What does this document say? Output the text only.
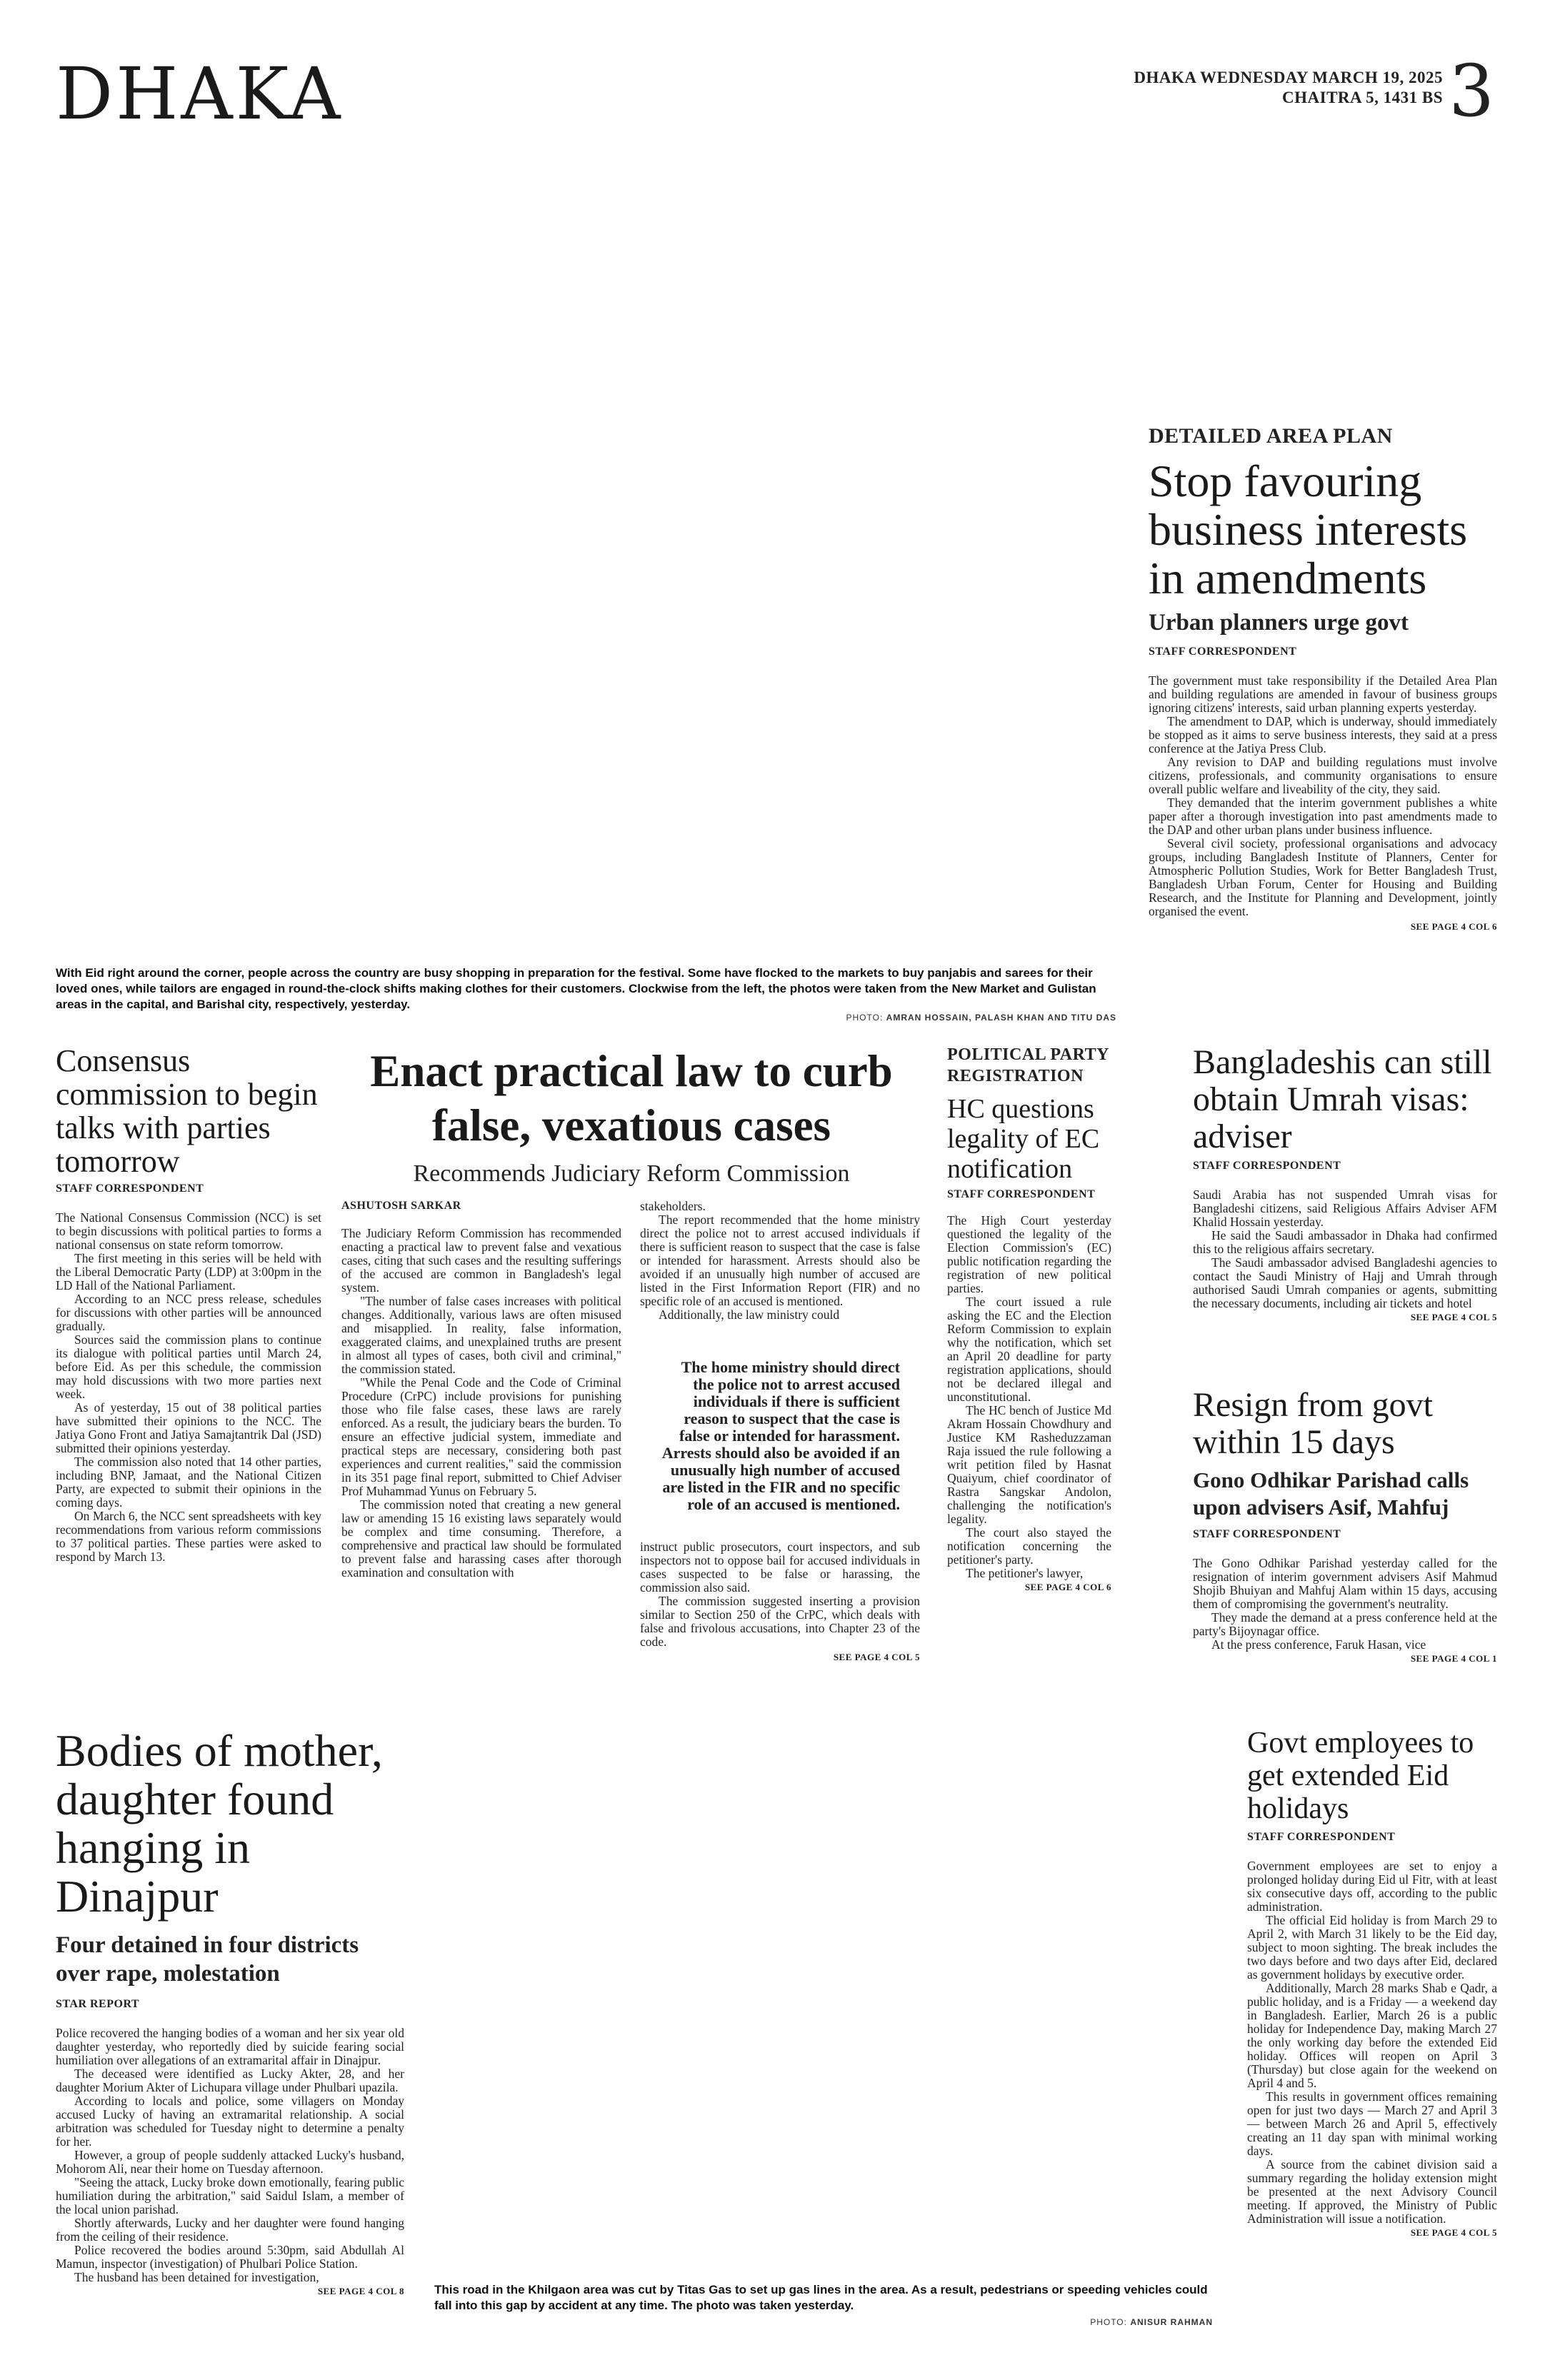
DHAKA	DHAKA WEDNESDAY MARCH 19, 2025
CHAITRA 5, 1431 BS 3
With Eid right around the corner, people across the country are busy shopping in preparation for the festival. Some have flocked to the markets to buy panjabis and sarees for their loved ones, while tailors are engaged in round-the-clock shifts making clothes for their customers. Clockwise from the left, the photos were taken from the New Market and Gulistan areas in the capital, and Barishal city, respectively, yesterday.
PHOTO: AMRAN HOSSAIN, PALASH KHAN AND TITU DAS
DETAILED AREA PLAN
Stop favouring business interests in amendments
Urban planners urge govt
STAFF CORRESPONDENT

The government must take responsibility if the Detailed Area Plan and building regulations are amended in favour of business groups ignoring citizens' interests, said urban planning experts yesterday.

The amendment to DAP, which is underway, should immediately be stopped as it aims to serve business interests, they said at a press conference at the Jatiya Press Club.

Any revision to DAP and building regulations must involve citizens, professionals, and community organisations to ensure overall public welfare and liveability of the city, they said.

They demanded that the interim government publishes a white paper after a thorough investigation into past amendments made to the DAP and other urban plans under business influence.

Several civil society, professional organisations and advocacy groups, including Bangladesh Institute of Planners, Center for Atmospheric Pollution Studies, Work for Better Bangladesh Trust, Bangladesh Urban Forum, Center for Housing and Building Research, and the Institute for Planning and Development, jointly organised the event.

SEE PAGE 4 COL 6
Consensus commission to begin talks with parties tomorrow
STAFF CORRESPONDENT

The National Consensus Commission (NCC) is set to begin discussions with political parties to forms a national consensus on state reform tomorrow.

The first meeting in this series will be held with the Liberal Democratic Party (LDP) at 3:00pm in the LD Hall of the National Parliament.

According to an NCC press release, schedules for discussions with other parties will be announced gradually.

Sources said the commission plans to continue its dialogue with political parties until March 24, before Eid. As per this schedule, the commission may hold discussions with two more parties next week.

As of yesterday, 15 out of 38 political parties have submitted their opinions to the NCC. The Jatiya Gono Front and Jatiya Samajtantrik Dal (JSD) submitted their opinions yesterday.

The commission also noted that 14 other parties, including BNP, Jamaat, and the National Citizen Party, are expected to submit their opinions in the coming days.

On March 6, the NCC sent spreadsheets with key recommendations from various reform commissions to 37 political parties. These parties were asked to respond by March 13.

Enact practical law to curb false, vexatious cases
Recommends Judiciary Reform Commission
ASHUTOSH SARKAR

The Judiciary Reform Commission has recommended enacting a practical law to prevent false and vexatious cases, citing that such cases and the resulting sufferings of the accused are common in Bangladesh's legal system.

"The number of false cases increases with political changes. Additionally, various laws are often misused and misapplied. In reality, false information, exaggerated claims, and unexplained truths are present in almost all types of cases, both civil and criminal," the commission stated.

"While the Penal Code and the Code of Criminal Procedure (CrPC) include provisions for punishing those who file false cases, these laws are rarely enforced. As a result, the judiciary bears the burden. To ensure an effective judicial system, immediate and practical steps are necessary, considering both past experiences and current realities," said the commission in its 351 page final report, submitted to Chief Adviser Prof Muhammad Yunus on February 5.

The commission noted that creating a new general law or amending 15 16 existing laws separately would be complex and time consuming. Therefore, a comprehensive and practical law should be formulated to prevent false and harassing cases after thorough examination and consultation with

stakeholders.

The report recommended that the home ministry direct the police not to arrest accused individuals if there is sufficient reason to suspect that the case is false or intended for harassment. Arrests should also be avoided if an unusually high number of accused are listed in the First Information Report (FIR) and no specific role of an accused is mentioned.

Additionally, the law ministry could

The home ministry should direct the police not to arrest accused individuals if there is sufficient reason to suspect that the case is false or intended for harassment. Arrests should also be avoided if an unusually high number of accused are listed in the FIR and no specific role of an accused is mentioned.

instruct public prosecutors, court inspectors, and sub inspectors not to oppose bail for accused individuals in cases suspected to be false or harassing, the commission also said.

The commission suggested inserting a provision similar to Section 250 of the CrPC, which deals with false and frivolous accusations, into Chapter 23 of the code.

SEE PAGE 4 COL 5
POLITICAL PARTY REGISTRATION
HC questions legality of EC notification
STAFF CORRESPONDENT

The High Court yesterday questioned the legality of the Election Commission's (EC) public notification regarding the registration of new political parties.

The court issued a rule asking the EC and the Election Reform Commission to explain why the notification, which set an April 20 deadline for party registration applications, should not be declared illegal and unconstitutional.

The HC bench of Justice Md Akram Hossain Chowdhury and Justice KM Rasheduzzaman Raja issued the rule following a writ petition filed by Hasnat Quaiyum, chief coordinator of Rastra Sangskar Andolon, challenging the notification's legality.

The court also stayed the notification concerning the petitioner's party.

The petitioner's lawyer,

SEE PAGE 4 COL 6
Bangladeshis can still obtain Umrah visas: adviser
STAFF CORRESPONDENT

Saudi Arabia has not suspended Umrah visas for Bangladeshi citizens, said Religious Affairs Adviser AFM Khalid Hossain yesterday.

He said the Saudi ambassador in Dhaka had confirmed this to the religious affairs secretary.

The Saudi ambassador advised Bangladeshi agencies to contact the Saudi Ministry of Hajj and Umrah through authorised Saudi Umrah companies or agents, submitting the necessary documents, including air tickets and hotel

SEE PAGE 4 COL 5
Resign from govt within 15 days
Gono Odhikar Parishad calls upon advisers Asif, Mahfuj
STAFF CORRESPONDENT

The Gono Odhikar Parishad yesterday called for the resignation of interim government advisers Asif Mahmud Shojib Bhuiyan and Mahfuj Alam within 15 days, accusing them of compromising the government's neutrality.

They made the demand at a press conference held at the party's Bijoynagar office.

At the press conference, Faruk Hasan, vice

SEE PAGE 4 COL 1
Bodies of mother, daughter found hanging in Dinajpur
Four detained in four districts over rape, molestation
STAR REPORT

Police recovered the hanging bodies of a woman and her six year old daughter yesterday, who reportedly died by suicide fearing social humiliation over allegations of an extramarital affair in Dinajpur.

The deceased were identified as Lucky Akter, 28, and her daughter Morium Akter of Lichupara village under Phulbari upazila.

According to locals and police, some villagers on Monday accused Lucky of having an extramarital relationship. A social arbitration was scheduled for Tuesday night to determine a penalty for her.

However, a group of people suddenly attacked Lucky's husband, Mohorom Ali, near their home on Tuesday afternoon.

"Seeing the attack, Lucky broke down emotionally, fearing public humiliation during the arbitration," said Saidul Islam, a member of the local union parishad.

Shortly afterwards, Lucky and her daughter were found hanging from the ceiling of their residence.

Police recovered the bodies around 5:30pm, said Abdullah Al Mamun, inspector (investigation) of Phulbari Police Station.

The husband has been detained for investigation,

SEE PAGE 4 COL 8 This road in the Khilgaon area was cut by Titas Gas to set up gas lines in the area. As a result, pedestrians or speeding vehicles could fall into this gap by accident at any time. The photo was taken yesterday.
PHOTO: ANISUR RAHMAN
Govt employees to get extended Eid holidays
STAFF CORRESPONDENT

Government employees are set to enjoy a prolonged holiday during Eid ul Fitr, with at least six consecutive days off, according to the public administration.

The official Eid holiday is from March 29 to April 2, with March 31 likely to be the Eid day, subject to moon sighting. The break includes the two days before and two days after Eid, declared as government holidays by executive order.

Additionally, March 28 marks Shab e Qadr, a public holiday, and is a Friday — a weekend day in Bangladesh. Earlier, March 26 is a public holiday for Independence Day, making March 27 the only working day before the extended Eid holiday. Offices will reopen on April 3 (Thursday) but close again for the weekend on April 4 and 5.

This results in government offices remaining open for just two days — March 27 and April 3 — between March 26 and April 5, effectively creating an 11 day span with minimal working days.

A source from the cabinet division said a summary regarding the holiday extension might be presented at the next Advisory Council meeting. If approved, the Ministry of Public Administration will issue a notification.

SEE PAGE 4 COL 5
